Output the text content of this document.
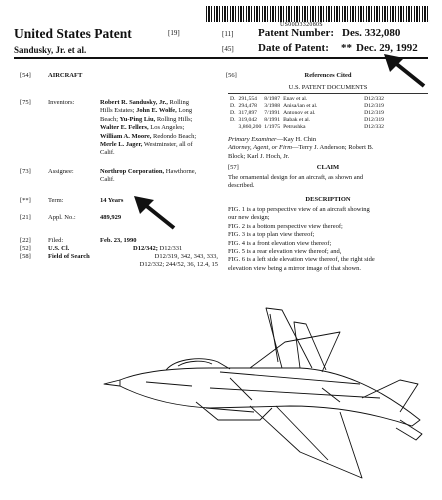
US00D332080S
United States Patent	[19]
Sandusky, Jr. et al.
[11] Patent Number: Des. 332,080
[45] Date of Patent: ** Dec. 29, 1992
[54]	AIRCRAFT
[75]	Inventors:	Robert R. Sandusky, Jr., Rolling
Hills Estates; John E. Wolfe, Long
Beach; Yu-Ping Liu, Rolling Hills;
Walter E. Fellers, Los Angeles;
William A. Moore, Redondo Beach;
Merle L. Jager, Westminster, all of
Calif.
[73]	Assignee:	Northrop Corporation, Hawthorne,
Calif.
[**]	Term:	14 Years
[21]	Appl. No.:	489,929
[22]	Filed:	Feb. 23, 1990
[52]	U.S. Cl.	D12/342; D12/331
[58]	Field of Search	D12/319, 342, 343, 333,
D12/332; 244/52, 36, 12.4, 15
[56]	References Cited
U.S. PATENT DOCUMENTS
D.	291,554	8/1987	Enav et al.	D12/332
D.	294,478	3/1988	Anisa/ian et al.	D12/319
D.	317,897	7/1991	Antonov et al.	D12/319
D.	319,042	8/1991	Babak et al.	D12/319
	3,860,200	1/1975	Petrushka	D12/332
Primary Examiner—Kay H. Chin
Attorney, Agent, or Firm—Terry J. Anderson; Robert B.
Block; Karl J. Hoch, Jr.
[57]	CLAIM
The ornamental design for an aircraft, as shown and
described.
DESCRIPTION
FIG. 1 is a top perspective view of an aircraft showing
our new design;
FIG. 2 is a bottom perspective view thereof;
FIG. 3 is a top plan view thereof;
FIG. 4 is a front elevation view thereof;
FIG. 5 is a rear elevation view thereof; and,
FIG. 6 is a left side elevation view thereof, the right side
elevation view being a mirror image of that shown.
